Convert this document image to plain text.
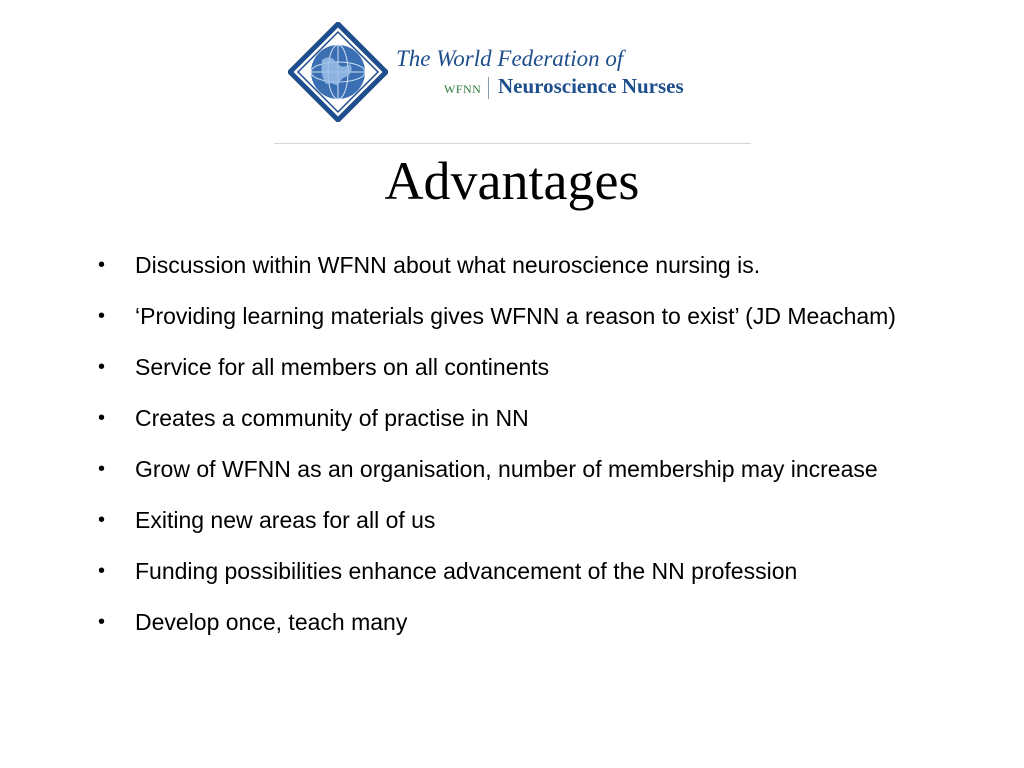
The World Federation of
WFNN Neuroscience Nurses
Advantages
• Discussion within WFNN about what neuroscience nursing is.
• ‘Providing learning materials gives WFNN a reason to exist’ (JD Meacham)
• Service for all members on all continents
• Creates a community of practise in NN
• Grow of WFNN as an organisation, number of membership may increase
• Exiting new areas for all of us
• Funding possibilities enhance advancement of the NN profession
• Develop once, teach many
